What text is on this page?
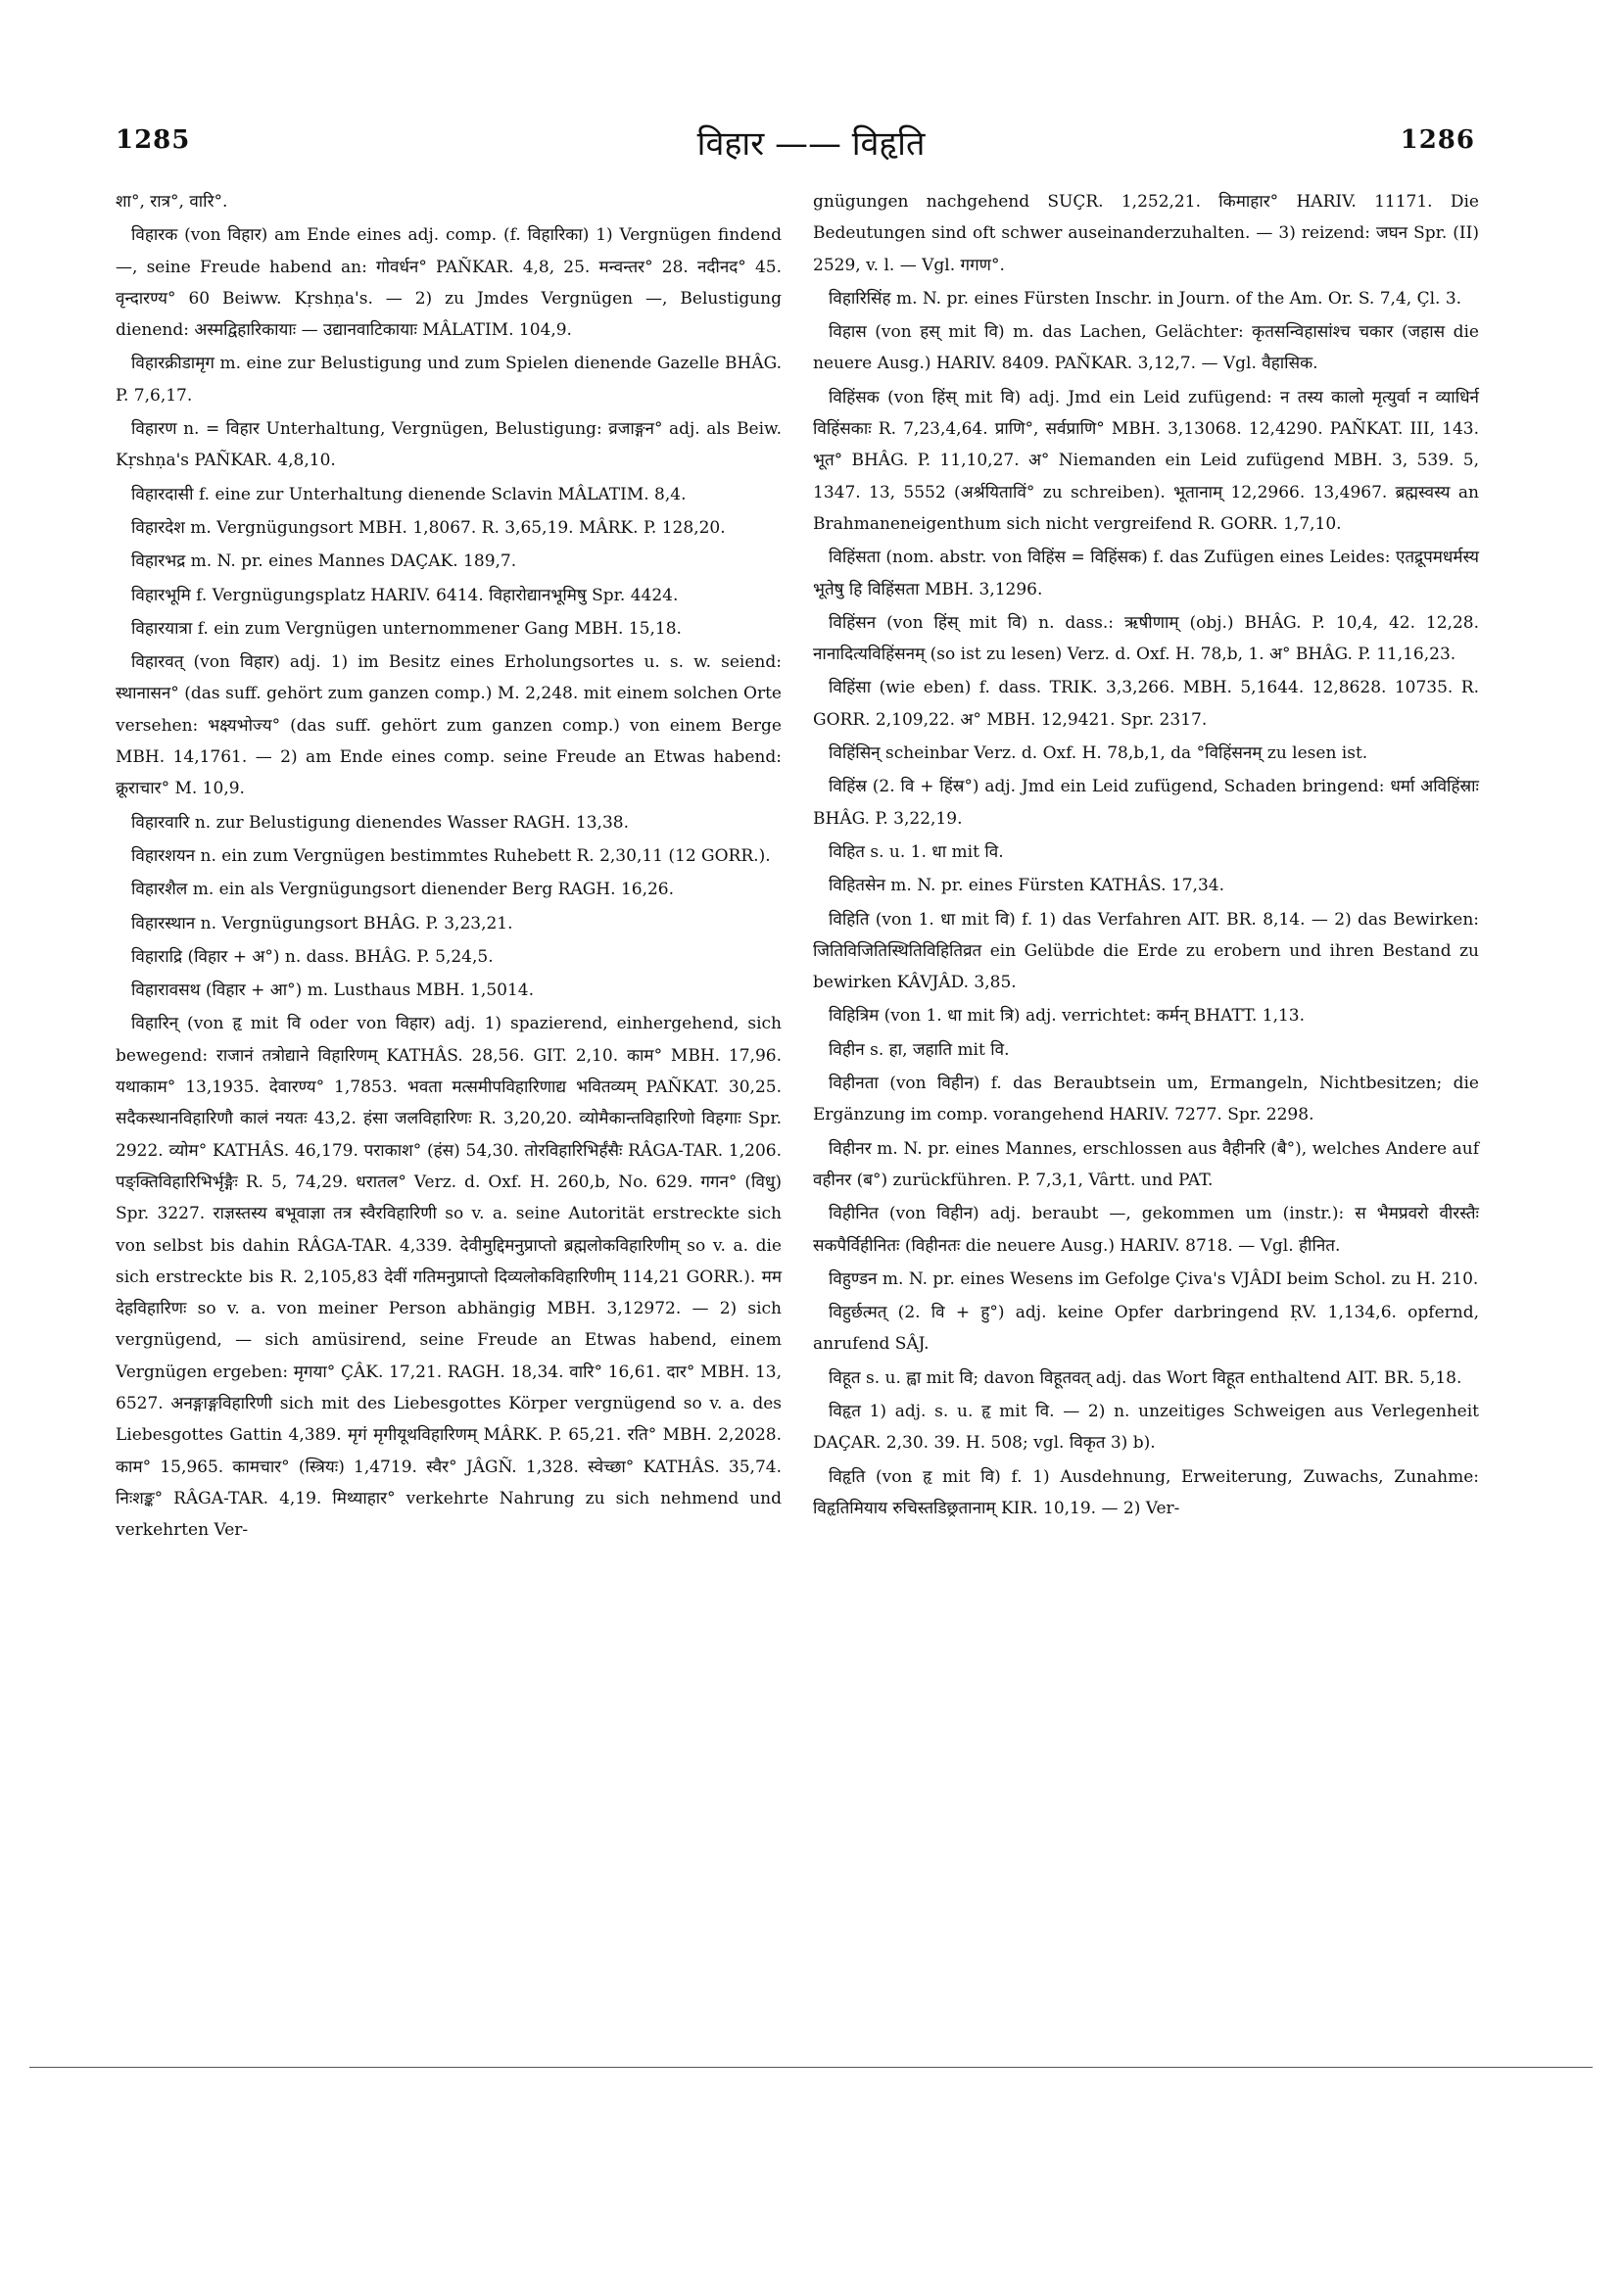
1285	विहार —— विहृति	1286

शा°, रात्र°, वारि°.

विहारक (von विहार) am Ende eines adj. comp. (f. विहारिका) 1) Vergnügen findend —, seine Freude habend an: गोवर्धन° PAÑKAR. 4,8, 25. मन्वन्तर° 28. नदीनद° 45. वृन्दारण्य° 60 Beiww. Kṛshṇa's. — 2) zu Jmdes Vergnügen —, Belustigung dienend: अस्मद्विहारिकायाः — उद्यानवाटिकायाः MÂLATIM. 104,9.

विहारक्रीडामृग m. eine zur Belustigung und zum Spielen dienende Gazelle BHÂG. P. 7,6,17.

विहारण n. = विहार Unterhaltung, Vergnügen, Belustigung: व्रजाङ्गन° adj. als Beiw. Kṛshṇa's PAÑKAR. 4,8,10.

विहारदासी f. eine zur Unterhaltung dienende Sclavin MÂLATIM. 8,4.

विहारदेश m. Vergnügungsort MBH. 1,8067. R. 3,65,19. MÂRK. P. 128,20.

विहारभद्र m. N. pr. eines Mannes DAÇAK. 189,7.

विहारभूमि f. Vergnügungsplatz HARIV. 6414. विहारोद्यानभूमिषु Spr. 4424.

विहारयात्रा f. ein zum Vergnügen unternommener Gang MBH. 15,18.

विहारवत् (von विहार) adj. 1) im Besitz eines Erholungsortes u. s. w. seiend: स्थानासन° (das suff. gehört zum ganzen comp.) M. 2,248. mit einem solchen Orte versehen: भक्ष्यभोज्य° (das suff. gehört zum ganzen comp.) von einem Berge MBH. 14,1761. — 2) am Ende eines comp. seine Freude an Etwas habend: क्रूराचार° M. 10,9.

विहारवारि n. zur Belustigung dienendes Wasser RAGH. 13,38.

विहारशयन n. ein zum Vergnügen bestimmtes Ruhebett R. 2,30,11 (12 GORR.).

विहारशैल m. ein als Vergnügungsort dienender Berg RAGH. 16,26.

विहारस्थान n. Vergnügungsort BHÂG. P. 3,23,21.

विहाराद्रि (विहार + अ°) n. dass. BHÂG. P. 5,24,5.

विहारावसथ (विहार + आ°) m. Lusthaus MBH. 1,5014.

विहारिन् (von हृ mit वि oder von विहार) adj. 1) spazierend, einhergehend, sich bewegend: राजानं तत्रोद्याने विहारिणम् KATHÂS. 28,56. GIT. 2,10. काम° MBH. 17,96. यथाकाम° 13,1935. देवारण्य° 1,7853. भवता मत्समीपविहारिणाद्य भवितव्यम् PAÑKAT. 30,25. सदैकस्थानविहारिणौ कालं नयतः 43,2. हंसा जलविहारिणः R. 3,20,20. व्योमैकान्तविहारिणो विहगाः Spr. 2922. व्योम° KATHÂS. 46,179. पराकाश° (हंस) 54,30. तोरविहारिभिर्हंसैः RÂGA-TAR. 1,206. पङ्क्तिविहारिभिर्भृङ्गैः R. 5, 74,29. धरातल° Verz. d. Oxf. H. 260,b, No. 629. गगन° (विधु) Spr. 3227. राज्ञस्तस्य बभूवाज्ञा तत्र स्वैरविहारिणी so v. a. seine Autorität erstreckte sich von selbst bis dahin RÂGA-TAR. 4,339. देवीमुद्दिमनुप्राप्तो ब्रह्मलोकविहारिणीम् so v. a. die sich erstreckte bis R. 2,105,83 देवीं गतिमनुप्राप्तो दिव्यलोकविहारिणीम् 114,21 GORR.). मम देहविहारिणः so v. a. von meiner Person abhängig MBH. 3,12972. — 2) sich vergnügend, — sich amüsirend, seine Freude an Etwas habend, einem Vergnügen ergeben: मृगया° ÇÂK. 17,21. RAGH. 18,34. वारि° 16,61. दार° MBH. 13, 6527. अनङ्गाङ्गविहारिणी sich mit des Liebesgottes Körper vergnügend so v. a. des Liebesgottes Gattin 4,389. मृगं मृगीयूथविहारिणम् MÂRK. P. 65,21. रति° MBH. 2,2028. काम° 15,965. कामचार° (स्त्रियः) 1,4719. स्वैर° JÂGÑ. 1,328. स्वेच्छा° KATHÂS. 35,74. निःशङ्क° RÂGA-TAR. 4,19. मिथ्याहार° verkehrte Nahrung zu sich nehmend und verkehrten Ver-

gnügungen nachgehend SUÇR. 1,252,21. किमाहार° HARIV. 11171. Die Bedeutungen sind oft schwer auseinanderzuhalten. — 3) reizend: जघन Spr. (II) 2529, v. l. — Vgl. गगण°.

विहारिसिंह m. N. pr. eines Fürsten Inschr. in Journ. of the Am. Or. S. 7,4, Çl. 3.

विहास (von हस् mit वि) m. das Lachen, Gelächter: कृतसन्विहासांश्च चकार (जहास die neuere Ausg.) HARIV. 8409. PAÑKAR. 3,12,7. — Vgl. वैहासिक.

विहिंसक (von हिंस् mit वि) adj. Jmd ein Leid zufügend: न तस्य कालो मृत्युर्वा न व्याधिर्न विहिंसकाः R. 7,23,4,64. प्राणि°, सर्वप्राणि° MBH. 3,13068. 12,4290. PAÑKAT. III, 143. भूत° BHÂG. P. 11,10,27. अ° Niemanden ein Leid zufügend MBH. 3, 539. 5, 1347. 13, 5552 (अर्श्रयिताविं° zu schreiben). भूतानाम् 12,2966. 13,4967. ब्रह्मस्वस्य an Brahmaneneigenthum sich nicht vergreifend R. GORR. 1,7,10.

विहिंसता (nom. abstr. von विहिंस = विहिंसक) f. das Zufügen eines Leides: एतद्रूपमधर्मस्य भूतेषु हि विहिंसता MBH. 3,1296.

विहिंसन (von हिंस् mit वि) n. dass.: ऋषीणाम् (obj.) BHÂG. P. 10,4, 42. 12,28. नानादित्यविहिंसनम् (so ist zu lesen) Verz. d. Oxf. H. 78,b, 1. अ° BHÂG. P. 11,16,23.

विहिंसा (wie eben) f. dass. TRIK. 3,3,266. MBH. 5,1644. 12,8628. 10735. R. GORR. 2,109,22. अ° MBH. 12,9421. Spr. 2317.

विहिंसिन् scheinbar Verz. d. Oxf. H. 78,b,1, da °विहिंसनम् zu lesen ist.

विहिंस्र (2. वि + हिंस्र°) adj. Jmd ein Leid zufügend, Schaden bringend: धर्मा अविहिंस्राः BHÂG. P. 3,22,19.

विहित s. u. 1. धा mit वि.

विहितसेन m. N. pr. eines Fürsten KATHÂS. 17,34.

विहिति (von 1. धा mit वि) f. 1) das Verfahren AIT. BR. 8,14. — 2) das Bewirken: जितिविजितिस्थितिविहितिव्रत ein Gelübde die Erde zu erobern und ihren Bestand zu bewirken KÂVJÂD. 3,85.

विहित्रिम (von 1. धा mit त्रि) adj. verrichtet: कर्मन् BHATT. 1,13.

विहीन s. हा, जहाति mit वि.

विहीनता (von विहीन) f. das Beraubtsein um, Ermangeln, Nichtbesitzen; die Ergänzung im comp. vorangehend HARIV. 7277. Spr. 2298.

विहीनर m. N. pr. eines Mannes, erschlossen aus वैहीनरि (बै°), welches Andere auf वहीनर (ब°) zurückführen. P. 7,3,1, Vârtt. und PAT.

विहीनित (von विहीन) adj. beraubt —, gekommen um (instr.): स भैमप्रवरो वीरस्तैः सकपैर्विहीनितः (विहीनतः die neuere Ausg.) HARIV. 8718. — Vgl. हीनित.

विहुण्डन m. N. pr. eines Wesens im Gefolge Çiva's VJÂDI beim Schol. zu H. 210.

विहुर्छत्मत् (2. वि + हु°) adj. keine Opfer darbringend ṚV. 1,134,6. opfernd, anrufend SÂJ.

विहूत s. u. ह्वा mit वि; davon विहूतवत् adj. das Wort विहूत enthaltend AIT. BR. 5,18.

विहृत 1) adj. s. u. हृ mit वि. — 2) n. unzeitiges Schweigen aus Verlegenheit DAÇAR. 2,30. 39. H. 508; vgl. विकृत 3) b).

विहृति (von हृ mit वि) f. 1) Ausdehnung, Erweiterung, Zuwachs, Zunahme: विहृतिमियाय रुचिस्तडिछ्रतानाम् KIR. 10,19. — 2) Ver-
